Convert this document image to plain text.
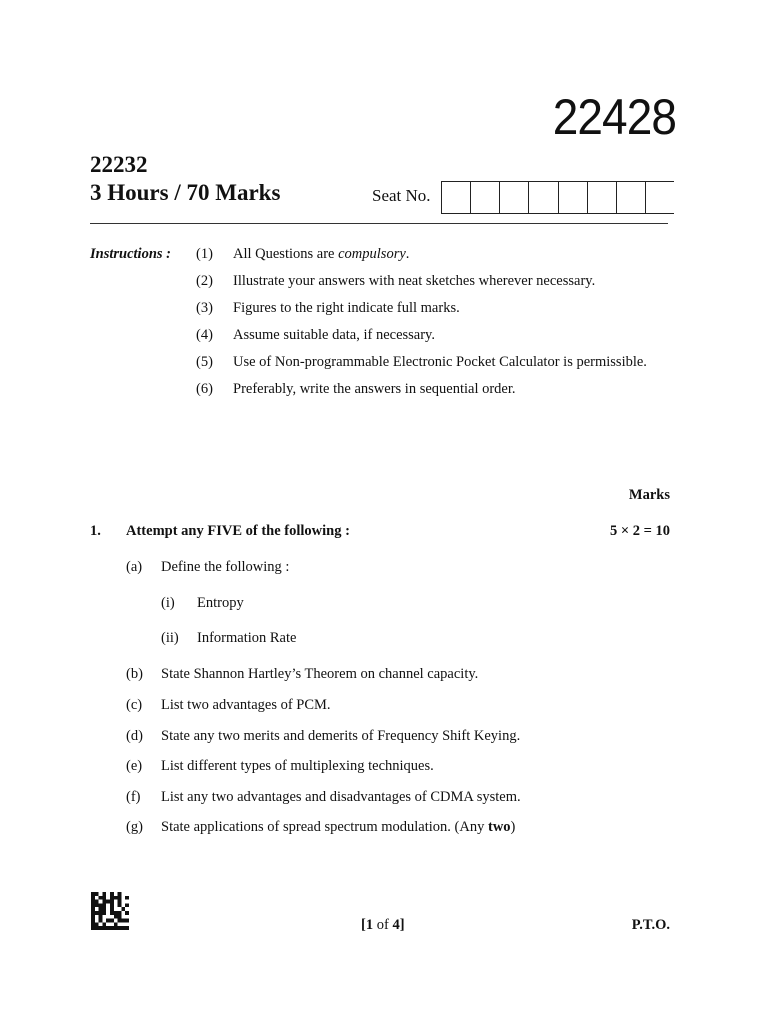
22428
22232
3 Hours / 70 Marks	Seat No.
Instructions : (1)	All Questions are compulsory.
(2)	Illustrate your answers with neat sketches wherever necessary.
(3)	Figures to the right indicate full marks.
(4)	Assume suitable data, if necessary.
(5)	Use of Non-programmable Electronic Pocket Calculator is permissible.
(6)	Preferably, write the answers in sequential order.
Marks
1. Attempt any FIVE of the following :	5 × 2 = 10
(a) Define the following :
(i) Entropy
(ii) Information Rate
(b) State Shannon Hartley’s Theorem on channel capacity.
(c) List two advantages of PCM.
(d) State any two merits and demerits of Frequency Shift Keying.
(e) List different types of multiplexing techniques.
(f) List any two advantages and disadvantages of CDMA system.
(g) State applications of spread spectrum modulation. (Any two)
[1 of 4]	P.T.O.
